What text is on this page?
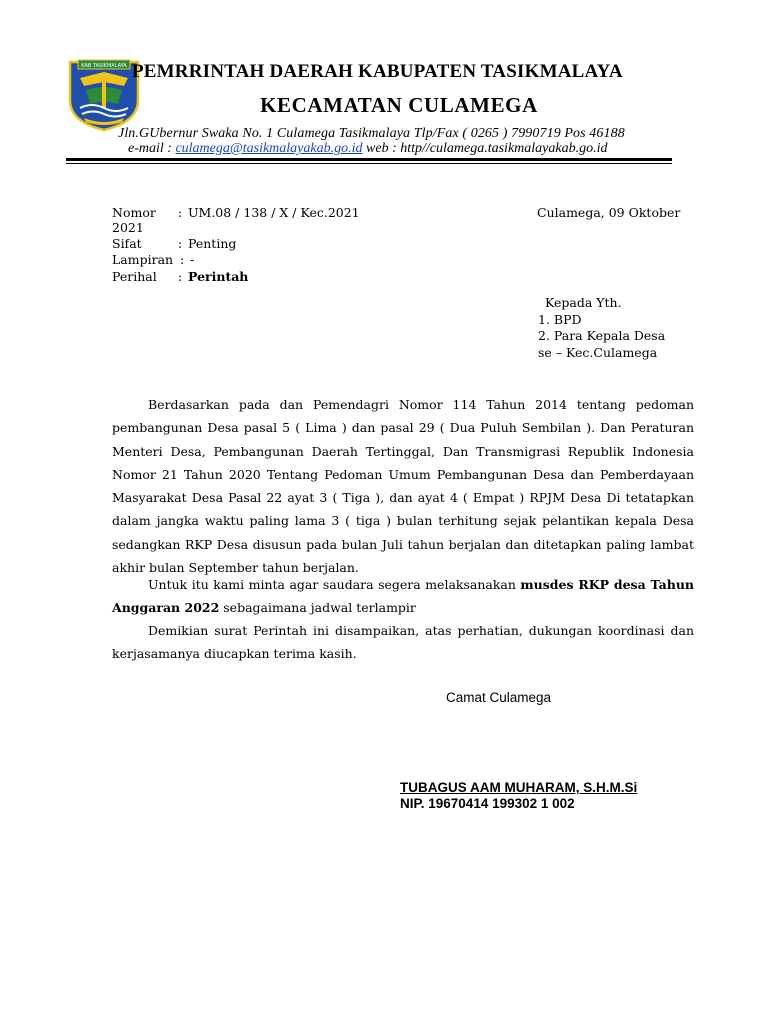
KAB TASIKMALAYA PEMRRINTAH DAERAH KABUPATEN TASIKMALAYA
KECAMATAN CULAMEGA
Jln.GUbernur Swaka No. 1 Culamega Tasikmalaya Tlp/Fax ( 0265 ) 7990719 Pos 46188
e-mail : culamega@tasikmalayakab.go.id web : http//culamega.tasikmalayakab.go.id
Nomor : UM.08 / 138 / X / Kec.2021
2021
Sifat	: Penting
Lampiran : -
Perihal : Perintah
Culamega, 09 Oktober
Kepada Yth.
1. BPD
2. Para Kepala Desa
se – Kec.Culamega
Berdasarkan pada dan Pemendagri Nomor 114 Tahun 2014 tentang pedoman pembangunan Desa pasal 5 ( Lima ) dan pasal 29 ( Dua Puluh Sembilan ). Dan Peraturan Menteri Desa, Pembangunan Daerah Tertinggal, Dan Transmigrasi Republik Indonesia Nomor 21 Tahun 2020 Tentang Pedoman Umum Pembangunan Desa dan Pemberdayaan Masyarakat Desa Pasal 22 ayat 3 ( Tiga ), dan ayat 4 ( Empat ) RPJM Desa Di tetatapkan dalam jangka waktu paling lama 3 ( tiga ) bulan terhitung sejak pelantikan kepala Desa sedangkan RKP Desa disusun pada bulan Juli tahun berjalan dan ditetapkan paling lambat akhir bulan September tahun berjalan.
Untuk itu kami minta agar saudara segera melaksanakan musdes RKP desa Tahun Anggaran 2022 sebagaimana jadwal terlampir
Demikian surat Perintah ini disampaikan, atas perhatian, dukungan koordinasi dan kerjasamanya diucapkan terima kasih.
Camat Culamega
TUBAGUS AAM MUHARAM, S.H.M.Si
NIP. 19670414 199302 1 002
